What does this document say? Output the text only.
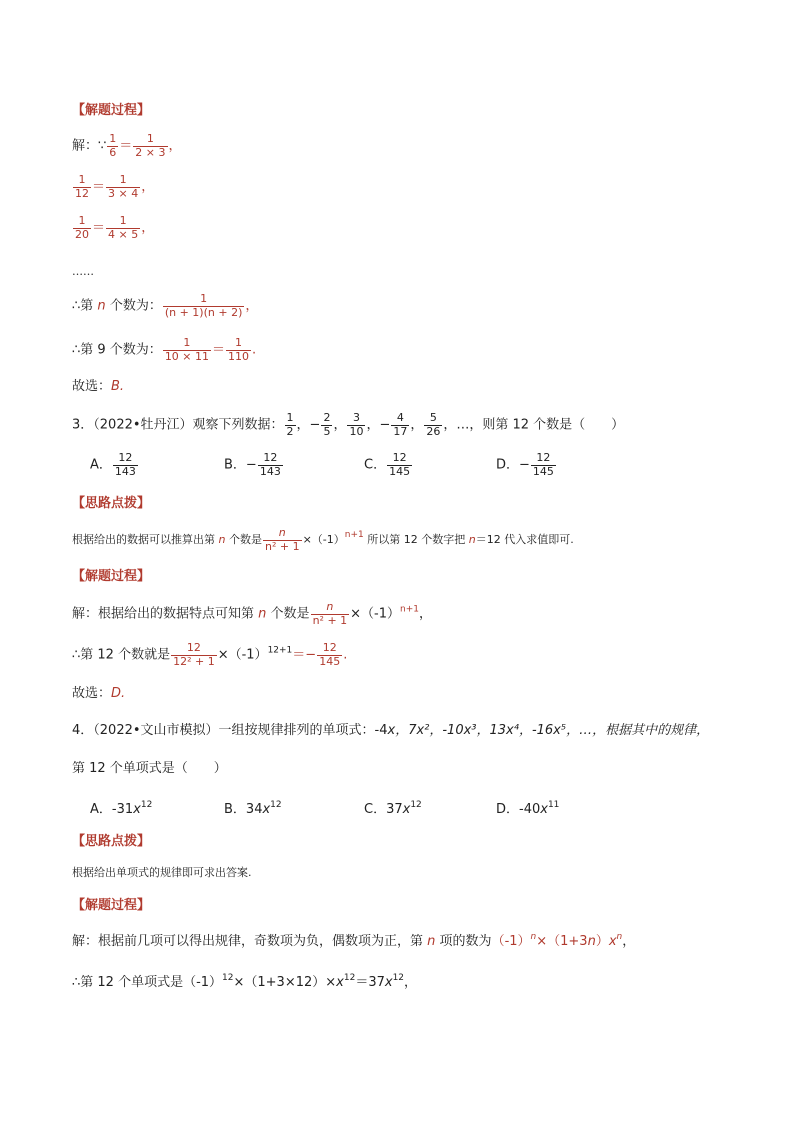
【解题过程】
解：∵ $\frac{1}{6} = \frac{1}{2 \times 3}$ ，
$\frac{1}{12} = \frac{1}{3 \times 4}$ ，
$\frac{1}{20} = \frac{1}{4 \times 5}$ ，
……
∴第 n 个数为： $\frac{1}{(n + 1)(n + 2)}$ ，
∴第 9 个数为： $\frac{1}{10 \times 11} = \frac{1}{110}$ .
故选：B.
3．（2022•牡丹江）观察下列数据： $\frac{1}{2}$ ，− $\frac{2}{5}$ ， $\frac{3}{10}$ ，− $\frac{4}{17}$ ， $\frac{5}{26}$ ，…，则第 12 个数是（　　）
A． $\frac{12}{143}$	B．− $\frac{12}{143}$	C． $\frac{12}{145}$	D．− $\frac{12}{145}$
【思路点拨】
根据给出的数据可以推算出第 n 个数是 $\frac{n}{\text{n² + 1}} \times(-1)^{n+1}$ 所以第 12 个数字把 n＝12 代入求值即可.
【解题过程】
解：根据给出的数据特点可知第 n 个数是 $\frac{n}{\text{n² + 1}} \times(-1)^{n+1}$，
∴第 12 个数就是 $\frac{12}{\text{12² + 1}} \times(-1)^{12+1}=- \frac{12}{145}$ .
故选：D.
4．（2022•文山市模拟）一组按规律排列的单项式：-4x，7x²，-10x³，13x⁴，-16x⁵，…，根据其中的规律，
第 12 个单项式是（　　）
A．$-31x^{12}$	B．$34x^{12}$	C．$37x^{12}$	D．$-40x^{11}$
【思路点拨】
根据给出单项式的规律即可求出答案.
【解题过程】
解：根据前几项可以得出规律，奇数项为负，偶数项为正，第 n 项的数为$(-1)^n\times(1+3n)x^n$，
∴第 12 个单项式是$(-1)^{12}\times(1+3\times 12)\times x^{12}=37x^{12}$，
